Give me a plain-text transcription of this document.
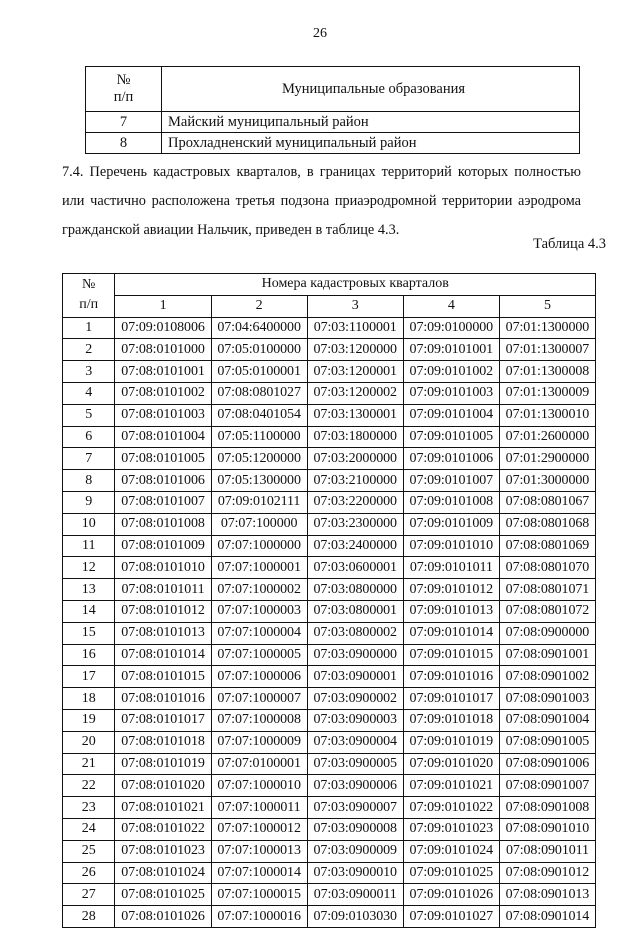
26
№
п/п	Муниципальные образования
7	Майский муниципальный район
8	Прохладненский муниципальный район

7.4. Перечень кадастровых кварталов, в границах территорий которых полностью или частично расположена третья подзона приаэродромной территории аэродрома гражданской авиации Нальчик, приведен в таблице 4.3.

Таблица 4.3
№
п/п	Номера кадастровых кварталов				
	1	2	3	4	5
1	07:09:0108006	07:04:6400000	07:03:1100001	07:09:0100000	07:01:1300000
2	07:08:0101000	07:05:0100000	07:03:1200000	07:09:0101001	07:01:1300007
3	07:08:0101001	07:05:0100001	07:03:1200001	07:09:0101002	07:01:1300008
4	07:08:0101002	07:08:0801027	07:03:1200002	07:09:0101003	07:01:1300009
5	07:08:0101003	07:08:0401054	07:03:1300001	07:09:0101004	07:01:1300010
6	07:08:0101004	07:05:1100000	07:03:1800000	07:09:0101005	07:01:2600000
7	07:08:0101005	07:05:1200000	07:03:2000000	07:09:0101006	07:01:2900000
8	07:08:0101006	07:05:1300000	07:03:2100000	07:09:0101007	07:01:3000000
9	07:08:0101007	07:09:0102111	07:03:2200000	07:09:0101008	07:08:0801067
10	07:08:0101008	07:07:100000	07:03:2300000	07:09:0101009	07:08:0801068
11	07:08:0101009	07:07:1000000	07:03:2400000	07:09:0101010	07:08:0801069
12	07:08:0101010	07:07:1000001	07:03:0600001	07:09:0101011	07:08:0801070
13	07:08:0101011	07:07:1000002	07:03:0800000	07:09:0101012	07:08:0801071
14	07:08:0101012	07:07:1000003	07:03:0800001	07:09:0101013	07:08:0801072
15	07:08:0101013	07:07:1000004	07:03:0800002	07:09:0101014	07:08:0900000
16	07:08:0101014	07:07:1000005	07:03:0900000	07:09:0101015	07:08:0901001
17	07:08:0101015	07:07:1000006	07:03:0900001	07:09:0101016	07:08:0901002
18	07:08:0101016	07:07:1000007	07:03:0900002	07:09:0101017	07:08:0901003
19	07:08:0101017	07:07:1000008	07:03:0900003	07:09:0101018	07:08:0901004
20	07:08:0101018	07:07:1000009	07:03:0900004	07:09:0101019	07:08:0901005
21	07:08:0101019	07:07:0100001	07:03:0900005	07:09:0101020	07:08:0901006
22	07:08:0101020	07:07:1000010	07:03:0900006	07:09:0101021	07:08:0901007
23	07:08:0101021	07:07:1000011	07:03:0900007	07:09:0101022	07:08:0901008
24	07:08:0101022	07:07:1000012	07:03:0900008	07:09:0101023	07:08:0901010
25	07:08:0101023	07:07:1000013	07:03:0900009	07:09:0101024	07:08:0901011
26	07:08:0101024	07:07:1000014	07:03:0900010	07:09:0101025	07:08:0901012
27	07:08:0101025	07:07:1000015	07:03:0900011	07:09:0101026	07:08:0901013
28	07:08:0101026	07:07:1000016	07:09:0103030	07:09:0101027	07:08:0901014
